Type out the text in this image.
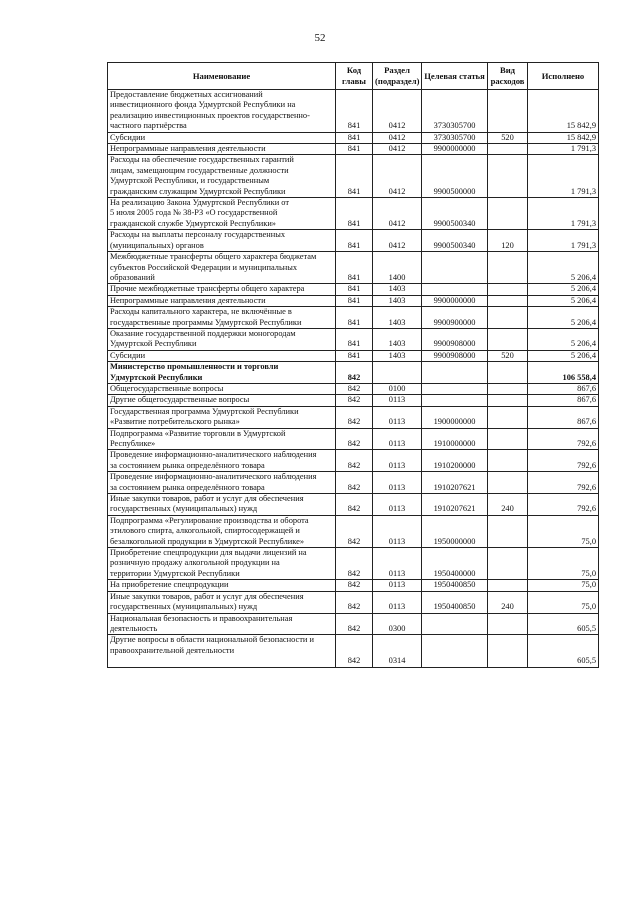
52
Наименование	Код главы	Раздел (подраздел)	Целевая статья	Вид расходов	Исполнено
Предоставление бюджетных ассигнований
инвестиционного фонда Удмуртской Республики на
реализацию инвестиционных проектов государственно-
частного партнёрства	841	0412	3730305700		15 842,9
Субсидии	841	0412	3730305700	520	15 842,9
Непрограммные направления деятельности	841	0412	9900000000		1 791,3
Расходы на обеспечение государственных гарантий
лицам, замещающим государственные должности
Удмуртской Республики, и государственным
гражданским служащим Удмуртской Республики	841	0412	9900500000		1 791,3
На реализацию Закона Удмуртской Республики от
5 июля 2005 года № 38-РЗ «О государственной
гражданской службе Удмуртской Республики»	841	0412	9900500340		1 791,3
Расходы на выплаты персоналу государственных
(муниципальных) органов	841	0412	9900500340	120	1 791,3
Межбюджетные трансферты общего характера бюджетам
субъектов Российской Федерации и муниципальных
образований	841	1400			5 206,4
Прочие межбюджетные трансферты общего характера	841	1403			5 206,4
Непрограммные направления деятельности	841	1403	9900000000		5 206,4
Расходы капитального характера, не включённые в
государственные программы Удмуртской Республики	841	1403	9900900000		5 206,4
Оказание государственной поддержки моногородам
Удмуртской Республики	841	1403	9900908000		5 206,4
Субсидии	841	1403	9900908000	520	5 206,4
Министерство промышленности и торговли
Удмуртской Республики	842				106 558,4
Общегосударственные вопросы	842	0100			867,6
Другие общегосударственные вопросы	842	0113			867,6
Государственная программа Удмуртской Республики
«Развитие потребительского рынка»	842	0113	1900000000		867,6
Подпрограмма «Развитие торговли в Удмуртской
Республике»	842	0113	1910000000		792,6
Проведение информационно-аналитического наблюдения
за состоянием рынка определённого товара	842	0113	1910200000		792,6
Проведение информационно-аналитического наблюдения
за состоянием рынка определённого товара	842	0113	1910207621		792,6
Иные закупки товаров, работ и услуг для обеспечения
государственных (муниципальных) нужд	842	0113	1910207621	240	792,6
Подпрограмма «Регулирование производства и оборота
этилового спирта, алкогольной, спиртосодержащей и
безалкогольной продукции в Удмуртской Республике»	842	0113	1950000000		75,0
Приобретение спецпродукции для выдачи лицензий на
розничную продажу алкогольной продукции на
территории Удмуртской Республики	842	0113	1950400000		75,0
На приобретение спецпродукции	842	0113	1950400850		75,0
Иные закупки товаров, работ и услуг для обеспечения
государственных (муниципальных) нужд	842	0113	1950400850	240	75,0
Национальная безопасность и правоохранительная
деятельность	842	0300			605,5
Другие вопросы в области национальной безопасности и
правоохранительной деятельности	842	0314			605,5
